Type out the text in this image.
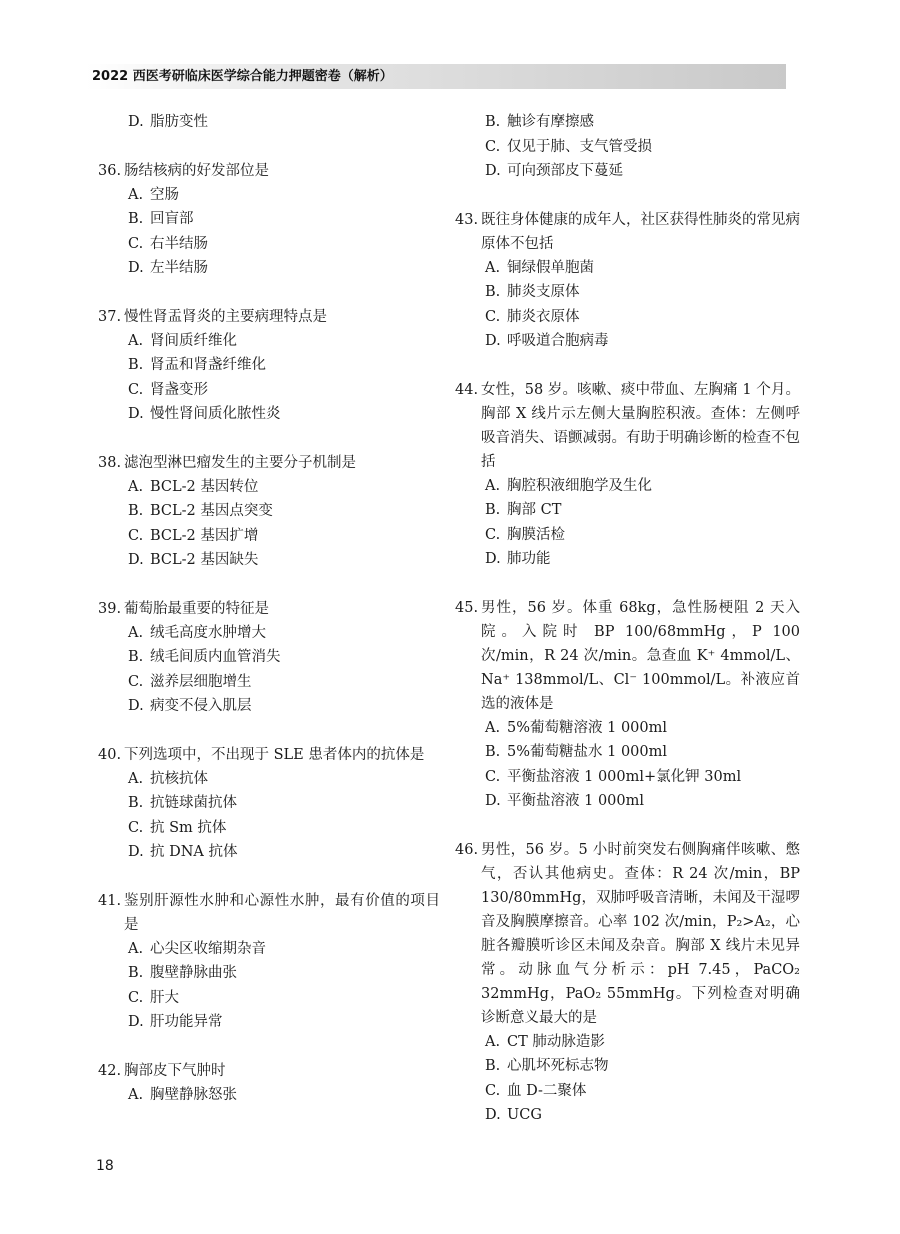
2022 西医考研临床医学综合能力押题密卷（解析）
D. 脂肪变性
36. 肠结核病的好发部位是
A. 空肠
B. 回盲部
C. 右半结肠
D. 左半结肠
37. 慢性肾盂肾炎的主要病理特点是
A. 肾间质纤维化
B. 肾盂和肾盏纤维化
C. 肾盏变形
D. 慢性肾间质化脓性炎
38. 滤泡型淋巴瘤发生的主要分子机制是
A. BCL-2 基因转位
B. BCL-2 基因点突变
C. BCL-2 基因扩增
D. BCL-2 基因缺失
39. 葡萄胎最重要的特征是
A. 绒毛高度水肿增大
B. 绒毛间质内血管消失
C. 滋养层细胞增生
D. 病变不侵入肌层
40. 下列选项中，不出现于 SLE 患者体内的抗体是
A. 抗核抗体
B. 抗链球菌抗体
C. 抗 Sm 抗体
D. 抗 DNA 抗体
41. 鉴别肝源性水肿和心源性水肿，最有价值的项目是
A. 心尖区收缩期杂音
B. 腹壁静脉曲张
C. 肝大
D. 肝功能异常
42. 胸部皮下气肿时
A. 胸壁静脉怒张
B. 触诊有摩擦感
C. 仅见于肺、支气管受损
D. 可向颈部皮下蔓延
43. 既往身体健康的成年人，社区获得性肺炎的常见病原体不包括
A. 铜绿假单胞菌
B. 肺炎支原体
C. 肺炎衣原体
D. 呼吸道合胞病毒
44. 女性，58 岁。咳嗽、痰中带血、左胸痛 1 个月。胸部 X 线片示左侧大量胸腔积液。查体：左侧呼吸音消失、语颤减弱。有助于明确诊断的检查不包括
A. 胸腔积液细胞学及生化
B. 胸部 CT
C. 胸膜活检
D. 肺功能
45. 男性，56 岁。体重 68kg，急性肠梗阻 2 天入院。入院时 BP 100/68mmHg，P 100 次/min，R 24 次/min。急查血 K⁺ 4mmol/L、Na⁺ 138mmol/L、Cl⁻ 100mmol/L。补液应首选的液体是
A. 5%葡萄糖溶液 1 000ml
B. 5%葡萄糖盐水 1 000ml
C. 平衡盐溶液 1 000ml+氯化钾 30ml
D. 平衡盐溶液 1 000ml
46. 男性，56 岁。5 小时前突发右侧胸痛伴咳嗽、憋气，否认其他病史。查体：R 24 次/min，BP 130/80mmHg，双肺呼吸音清晰，未闻及干湿啰音及胸膜摩擦音。心率 102 次/min，P₂>A₂，心脏各瓣膜听诊区未闻及杂音。胸部 X 线片未见异常。动脉血气分析示：pH 7.45，PaCO₂ 32mmHg，PaO₂ 55mmHg。下列检查对明确诊断意义最大的是
A. CT 肺动脉造影
B. 心肌坏死标志物
C. 血 D-二聚体
D. UCG
18
